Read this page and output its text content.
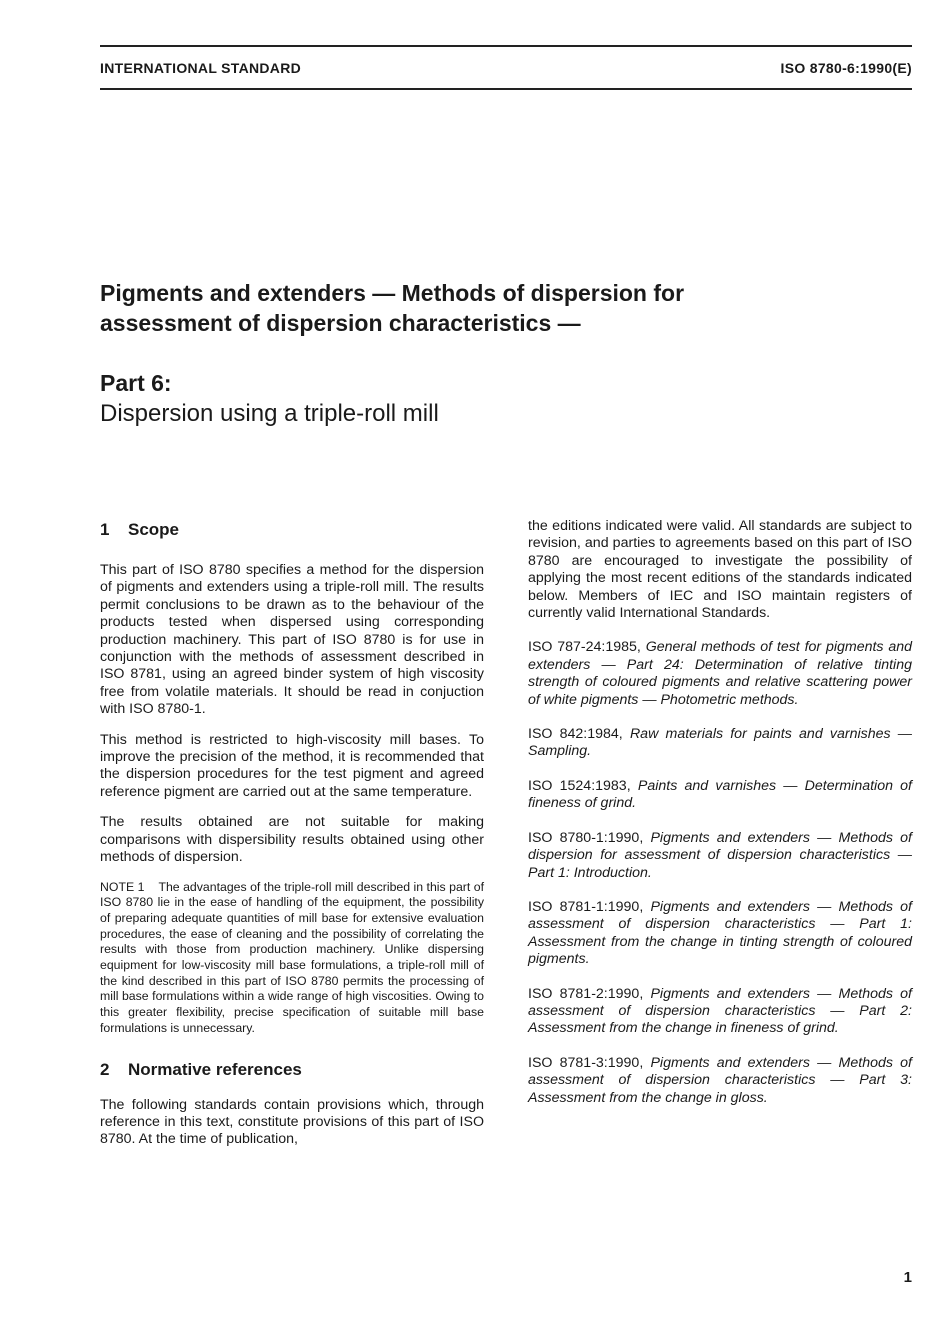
INTERNATIONAL STANDARD	ISO 8780-6:1990(E)
Pigments and extenders — Methods of dispersion for
assessment of dispersion characteristics —
Part 6:
Dispersion using a triple-roll mill
1 Scope

This part of ISO 8780 specifies a method for the dispersion of pigments and extenders using a triple-roll mill. The results permit conclusions to be drawn as to the behaviour of the products tested when dispersed using corresponding production machinery. This part of ISO 8780 is for use in conjunction with the methods of assessment described in ISO 8781, using an agreed binder system of high viscosity free from volatile materials. It should be read in conjuction with ISO 8780-1.

This method is restricted to high-viscosity mill bases. To improve the precision of the method, it is recommended that the dispersion procedures for the test pigment and agreed reference pigment are carried out at the same temperature.

The results obtained are not suitable for making comparisons with dispersibility results obtained using other methods of dispersion.

NOTE 1 The advantages of the triple-roll mill described in this part of ISO 8780 lie in the ease of handling of the equipment, the possibility of preparing adequate quantities of mill base for extensive evaluation procedures, the ease of cleaning and the possibility of correlating the results with those from production machinery. Unlike dispersing equipment for low-viscosity mill base formulations, a triple-roll mill of the kind described in this part of ISO 8780 permits the processing of mill base formulations within a wide range of high viscosities. Owing to this greater flexibility, precise specification of suitable mill base formulations is unnecessary.
2 Normative references

The following standards contain provisions which, through reference in this text, constitute provisions of this part of ISO 8780. At the time of publication,

the editions indicated were valid. All standards are subject to revision, and parties to agreements based on this part of ISO 8780 are encouraged to investigate the possibility of applying the most recent editions of the standards indicated below. Members of IEC and ISO maintain registers of currently valid International Standards.

ISO 787-24:1985, General methods of test for pigments and extenders — Part 24: Determination of relative tinting strength of coloured pigments and relative scattering power of white pigments — Photometric methods.

ISO 842:1984, Raw materials for paints and varnishes — Sampling.

ISO 1524:1983, Paints and varnishes — Determination of fineness of grind.

ISO 8780-1:1990, Pigments and extenders — Methods of dispersion for assessment of dispersion characteristics — Part 1: Introduction.

ISO 8781-1:1990, Pigments and extenders — Methods of assessment of dispersion characteristics — Part 1: Assessment from the change in tinting strength of coloured pigments.

ISO 8781-2:1990, Pigments and extenders — Methods of assessment of dispersion characteristics — Part 2: Assessment from the change in fineness of grind.

ISO 8781-3:1990, Pigments and extenders — Methods of assessment of dispersion characteristics — Part 3: Assessment from the change in gloss.

1
